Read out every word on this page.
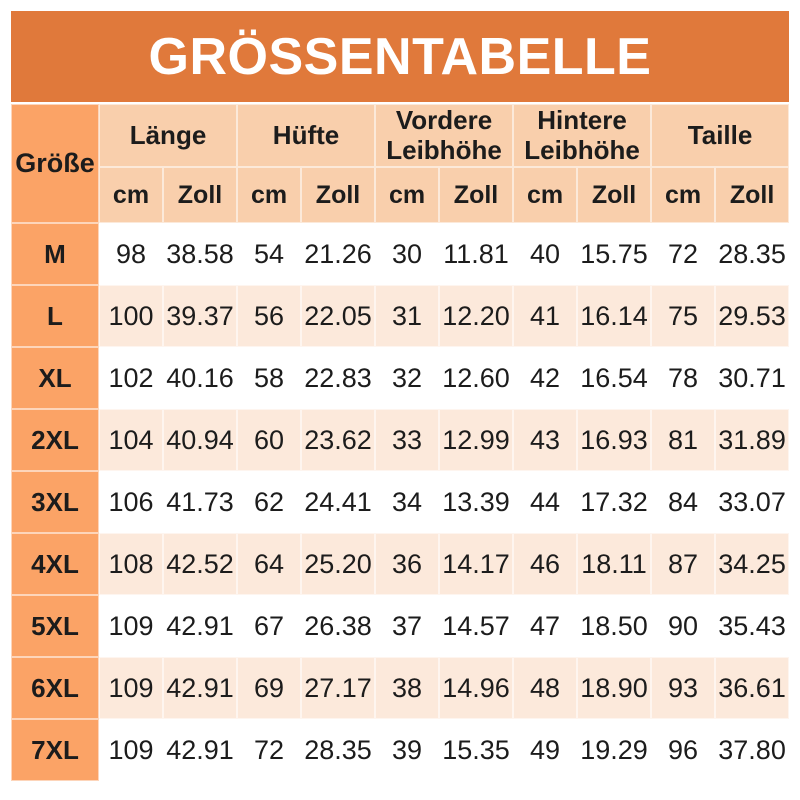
GRÖSSENTABELLE
Größe	Länge		Hüfte		Vordere Leibhöhe		Hintere Leibhöhe		Taille	
	cm	Zoll	cm	Zoll	cm	Zoll	cm	Zoll	cm	Zoll
M	98	38.58	54	21.26	30	11.81	40	15.75	72	28.35
L	100	39.37	56	22.05	31	12.20	41	16.14	75	29.53
XL	102	40.16	58	22.83	32	12.60	42	16.54	78	30.71
2XL	104	40.94	60	23.62	33	12.99	43	16.93	81	31.89
3XL	106	41.73	62	24.41	34	13.39	44	17.32	84	33.07
4XL	108	42.52	64	25.20	36	14.17	46	18.11	87	34.25
5XL	109	42.91	67	26.38	37	14.57	47	18.50	90	35.43
6XL	109	42.91	69	27.17	38	14.96	48	18.90	93	36.61
7XL	109	42.91	72	28.35	39	15.35	49	19.29	96	37.80
